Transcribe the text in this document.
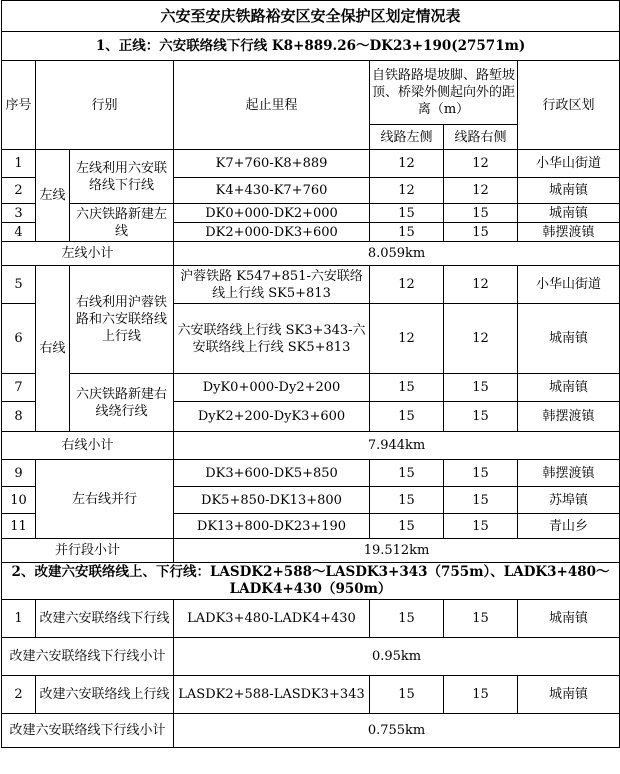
六安至安庆铁路裕安区安全保护区划定情况表						
1、正线：六安联络线下行线 K8+889.26～DK23+190(27571m)						
序号	行别		起止里程	自铁路路堤坡脚、路堑坡顶、桥梁外侧起向外的距离（m）		行政区划
				线路左侧	线路右侧	
1	左线	左线利用六安联络线下行线	K7+760-K8+889	12	12	小华山街道
2			K4+430-K7+760	12	12	城南镇
3		六庆铁路新建左线	DK0+000-DK2+000	15	15	城南镇
4			DK2+000-DK3+600	15	15	韩摆渡镇
左线小计			8.059km			
5	右线	右线利用沪蓉铁路和六安联络线上行线	沪蓉铁路 K547+851-六安联络线上行线 SK5+813	12	12	小华山街道
6			六安联络线上行线 SK3+343-六安联络线上行线 SK5+813	12	12	城南镇
7		六庆铁路新建右线绕行线	DyK0+000-Dy2+200	15	15	城南镇
8			DyK2+200-DyK3+600	15	15	韩摆渡镇
右线小计			7.944km			
9	左右线并行		DK3+600-DK5+850	15	15	韩摆渡镇
10			DK5+850-DK13+800	15	15	苏埠镇
11			DK13+800-DK23+190	15	15	青山乡
并行段小计			19.512km			
2、改建六安联络线上、下行线：LASDK2+588～LASDK3+343（755m）、LADK3+480～LADK4+430（950m）						
1	改建六安联络线下行线		LADK3+480-LADK4+430	15	15	城南镇
改建六安联络线下行线小计			0.95km			
2	改建六安联络线上行线		LASDK2+588-LASDK3+343	15	15	城南镇
改建六安联络线下行线小计			0.755km			
